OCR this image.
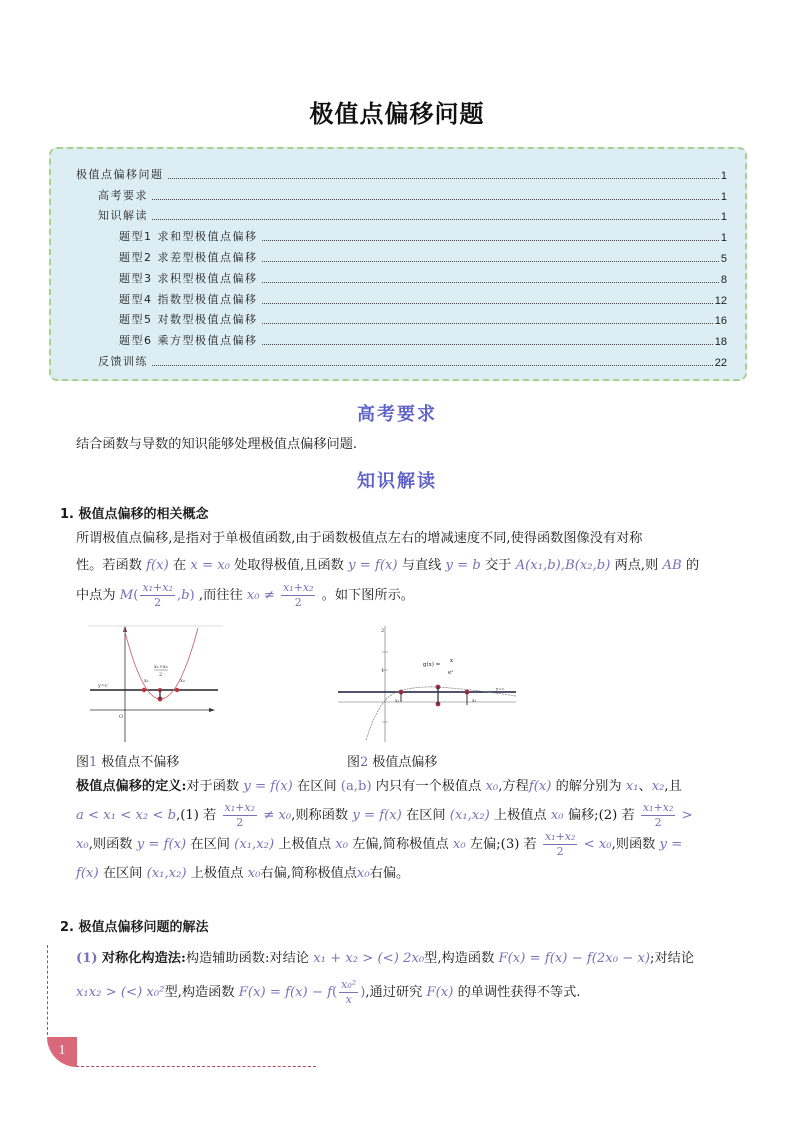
极值点偏移问题
极值点偏移问题	1
高考要求	1
知识解读	1
题型1 求和型极值点偏移	1
题型2 求差型极值点偏移	5
题型3 求积型极值点偏移	8
题型4 指数型极值点偏移	12
题型5 对数型极值点偏移	16
题型6 乘方型极值点偏移	18
反馈训练	22
高考要求
结合函数与导数的知识能够处理极值点偏移问题.
知识解读
1. 极值点偏移的相关概念
所谓极值点偏移,是指对于单极值函数,由于函数极值点左右的增减速度不同,使得函数图像没有对称
性。若函数 f(x) 在 x = x₀ 处取得极值,且函数 y = f(x) 与直线 y = b 交于 A(x₁,b),B(x₂,b) 两点,则 AB 的
中点为 $M( \frac{\text{x₁+x₂}}{2} ,b)$ ,而往往 $x_0 \ne \frac{\text{x₁+x₂}}{2}$ 。如下图所示。
y=c
x₁	x₂
x₁+x₂
2
O
图1 极值点不偏移
2
1
g(x) =
x
eˣ
y=c
x₁	x₂
图2 极值点偏移
极值点偏移的定义:对于函数 y = f(x) 在区间 (a,b) 内只有一个极值点 x₀,方程f(x) 的解分别为 x₁、x₂,且
a < x₁ < x₂ < b,(1) 若 $\frac{\text{x₁+x₂}}{2} \ne x_0$,则称函数 y = f(x) 在区间 (x₁,x₂) 上极值点 x₀ 偏移;(2) 若 $\frac{\text{x₁+x₂}}{2}$ >
x₀,则函数 y = f(x) 在区间 (x₁,x₂) 上极值点 x₀ 左偏,简称极值点 x₀ 左偏;(3) 若 $\frac{\text{x₁+x₂}}{2} < x_0$,则函数 y =
f(x) 在区间 (x₁,x₂) 上极值点 x₀右偏,简称极值点x₀右偏。
2. 极值点偏移问题的解法
(1) 对称化构造法:构造辅助函数:对结论 x₁ + x₂ > (<) 2x₀型,构造函数 F(x) = f(x) − f(2x₀ − x);对结论
x₁x₂ > (<) x₀²型,构造函数 $F(x) = f(x) - f( \frac{\text{x₀²}}{x}$ ),通过研究 F(x) 的单调性获得不等式.
1
